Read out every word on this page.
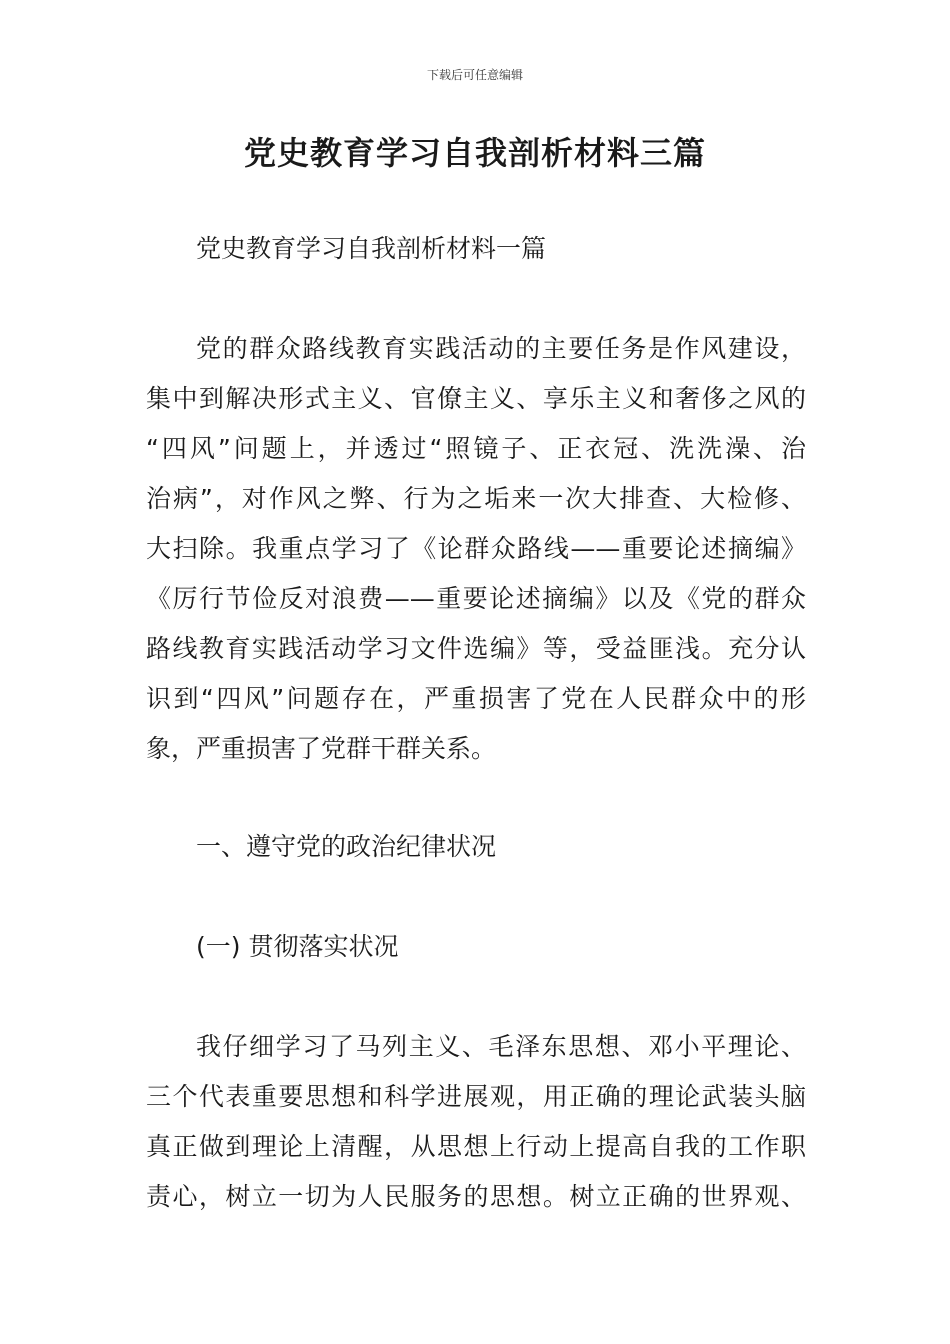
下载后可任意编辑
党史教育学习自我剖析材料三篇

党史教育学习自我剖析材料一篇

党的群众路线教育实践活动的主要任务是作风建设，

集中到解决形式主义、官僚主义、享乐主义和奢侈之风的

“四风”问题上，并透过“照镜子、正衣冠、洗洗澡、治

治病”，对作风之弊、行为之垢来一次大排查、大检修、

大扫除。我重点学习了《论群众路线——重要论述摘编》

《厉行节俭反对浪费——重要论述摘编》以及《党的群众

路线教育实践活动学习文件选编》等，受益匪浅。充分认

识到“四风”问题存在，严重损害了党在人民群众中的形

象，严重损害了党群干群关系。

一、遵守党的政治纪律状况

(一) 贯彻落实状况

我仔细学习了马列主义、毛泽东思想、邓小平理论、

三个代表重要思想和科学进展观，用正确的理论武装头脑

真正做到理论上清醒，从思想上行动上提高自我的工作职

责心，树立一切为人民服务的思想。树立正确的世界观、
